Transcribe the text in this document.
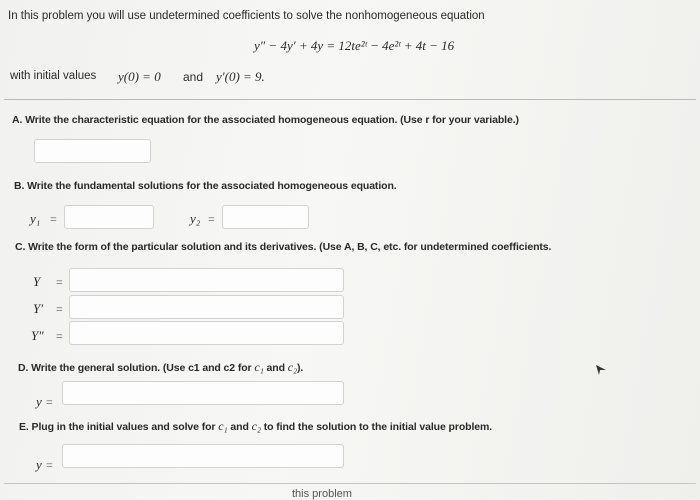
In this problem you will use undetermined coefficients to solve the nonhomogeneous equation
y″ − 4y′ + 4y = 12te²ᵗ − 4e²ᵗ + 4t − 16
with initial values y(0) = 0 and y′(0) = 9.
A. Write the characteristic equation for the associated homogeneous equation. (Use r for your variable.)
B. Write the fundamental solutions for the associated homogeneous equation.
y₁ =	y₂ =
C. Write the form of the particular solution and its derivatives. (Use A, B, C, etc. for undetermined coefficients.
Y =
Y′ =
Y″ =
D. Write the general solution. (Use c1 and c2 for c₁ and c₂).
y =
E. Plug in the initial values and solve for c₁ and c₂ to find the solution to the initial value problem.
y =
this problem
